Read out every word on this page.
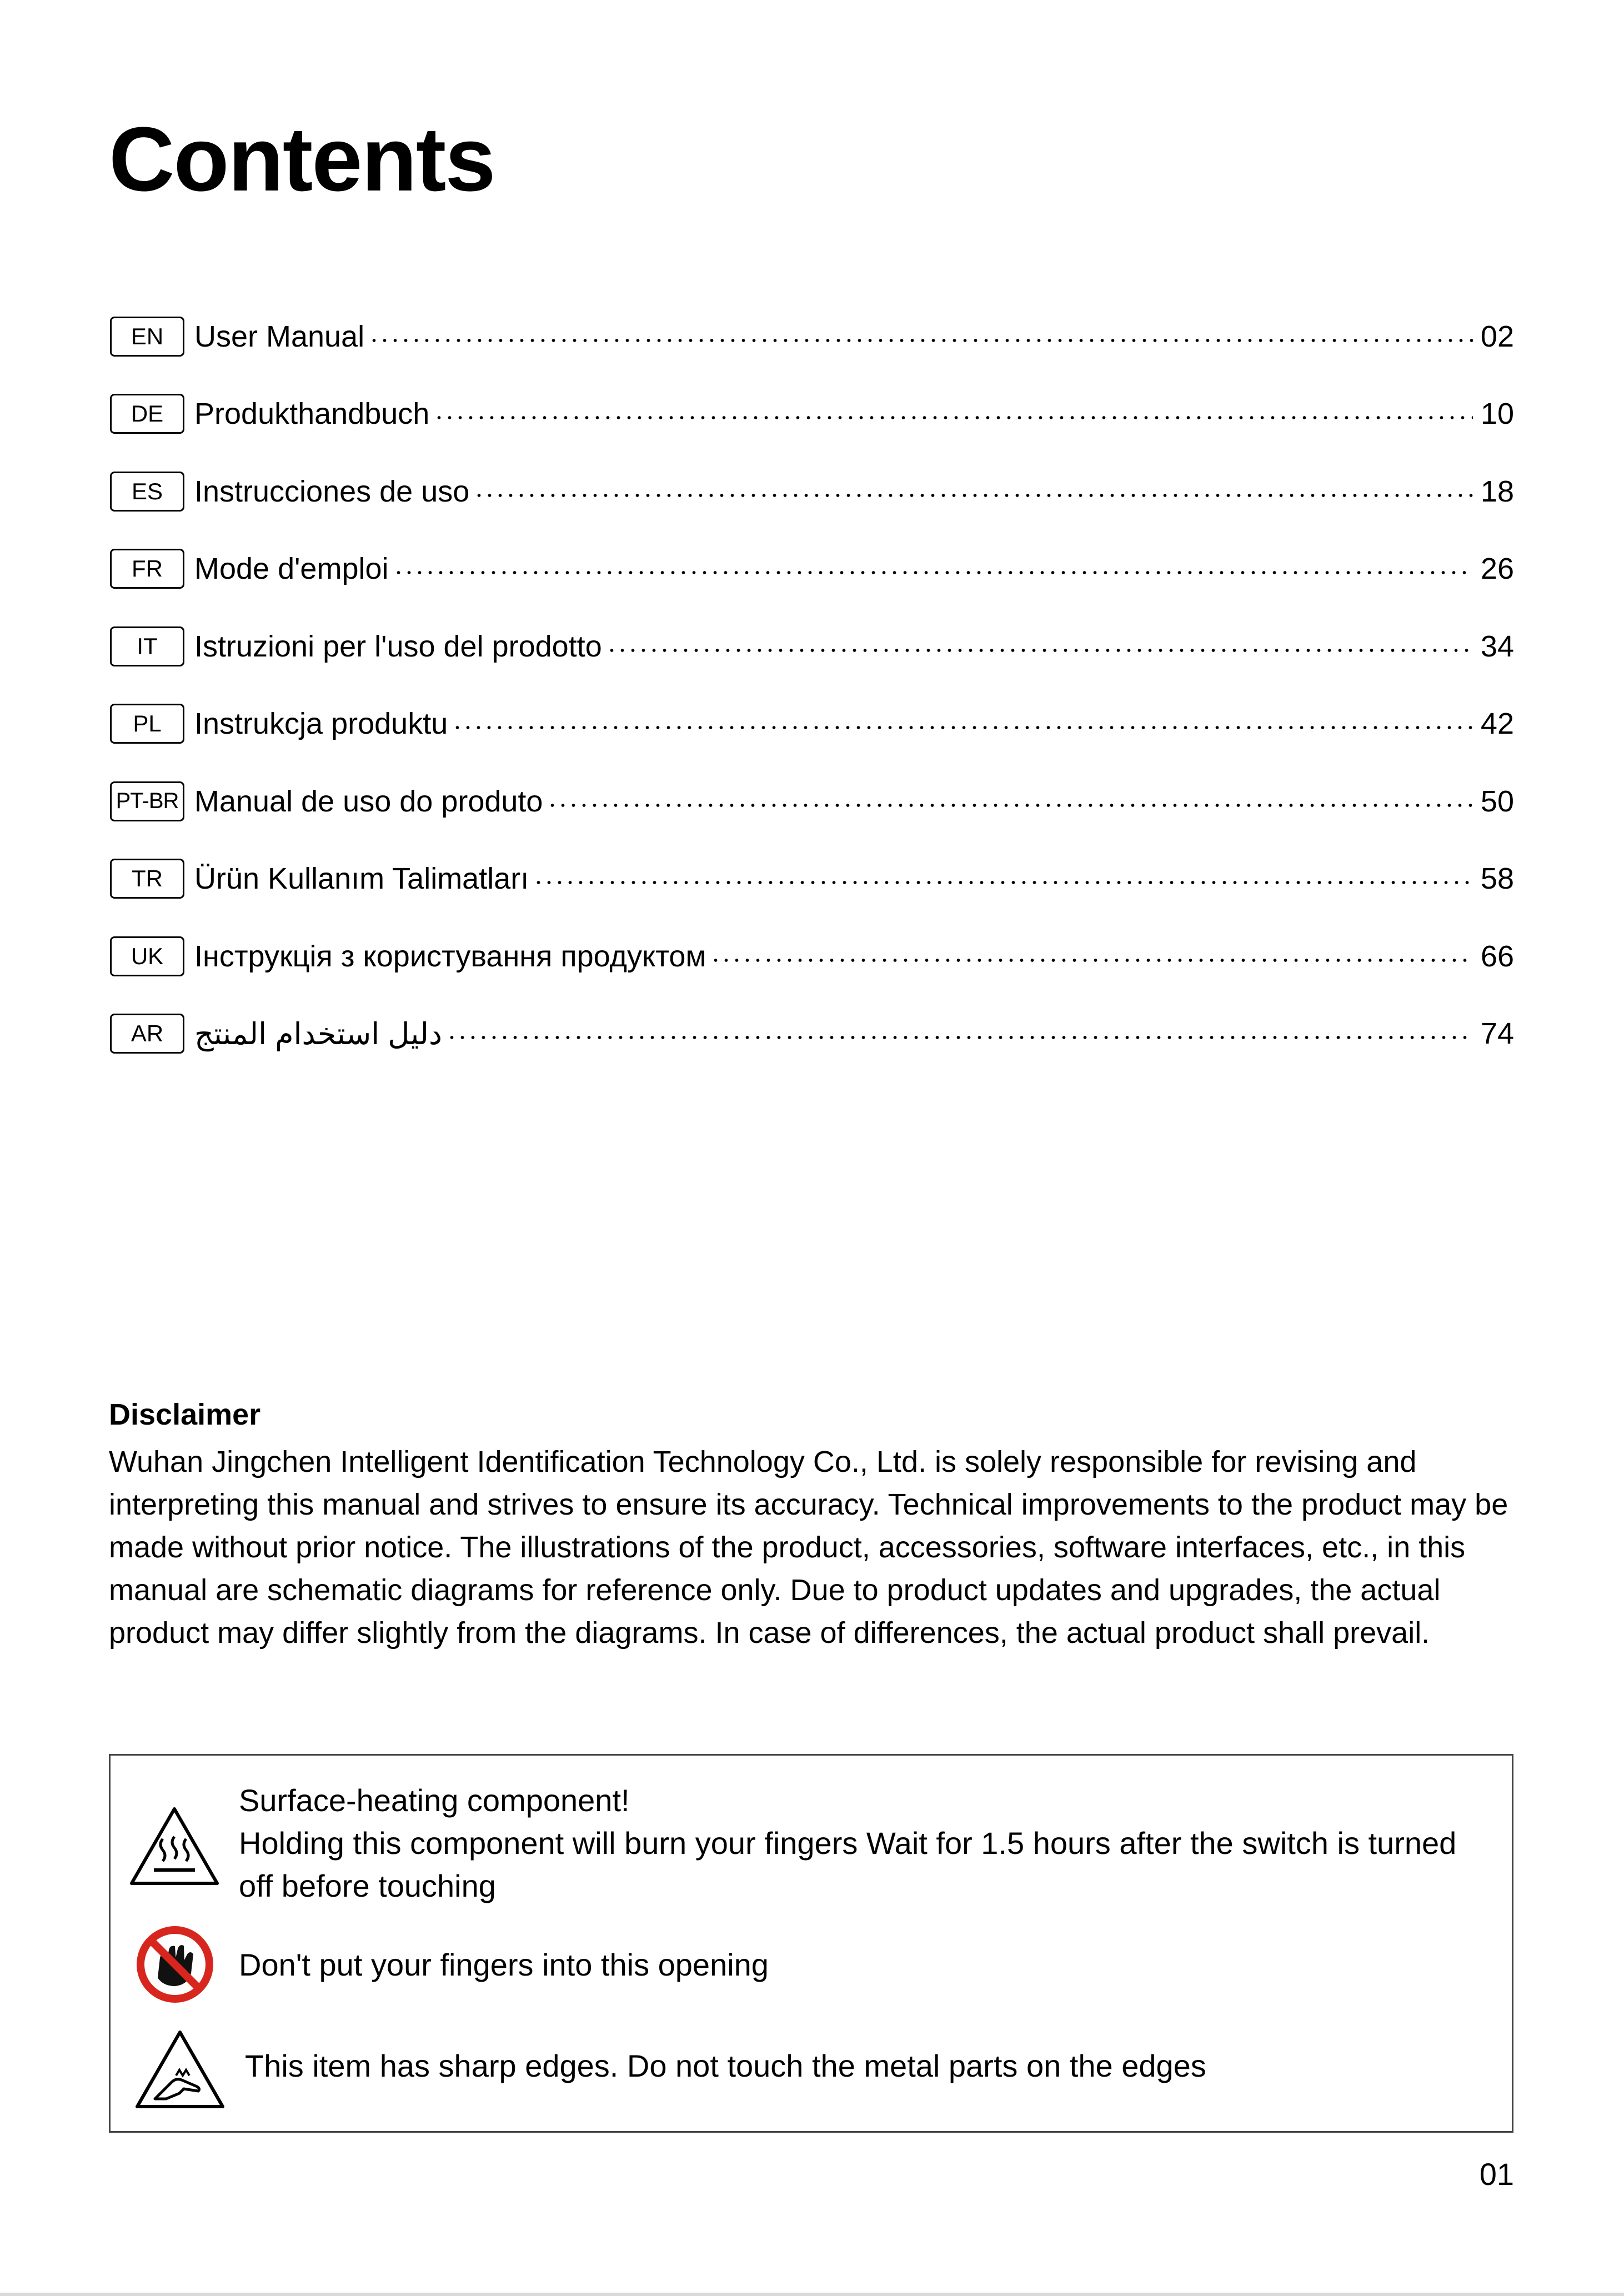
Contents
EN	User Manual	02
DE	Produkthandbuch	10
ES	Instrucciones de uso	18
FR	Mode d'emploi	26
IT	Istruzioni per l'uso del prodotto	34
PL	Instrukcja produktu	42
PT-BR Manual de uso do produto	50
TR	Ürün Kullanım Talimatları	58
UK	Інструкція з користування продуктом	66
AR	دليل استخدام المنتج	74
Disclaimer

Wuhan Jingchen Intelligent Identification Technology Co., Ltd. is solely responsible for revising and interpreting this manual and strives to ensure its accuracy. Technical improvements to the product may be made without prior notice. The illustrations of the product, accessories, software interfaces, etc., in this manual are schematic diagrams for reference only. Due to product updates and upgrades, the actual product may differ slightly from the diagrams. In case of differences, the actual product shall prevail.

Surface-heating component!
Holding this component will burn your fingers Wait for 1.5 hours after the switch is turned
off before touching
Don't put your fingers into this opening
This item has sharp edges. Do not touch the metal parts on the edges
01
